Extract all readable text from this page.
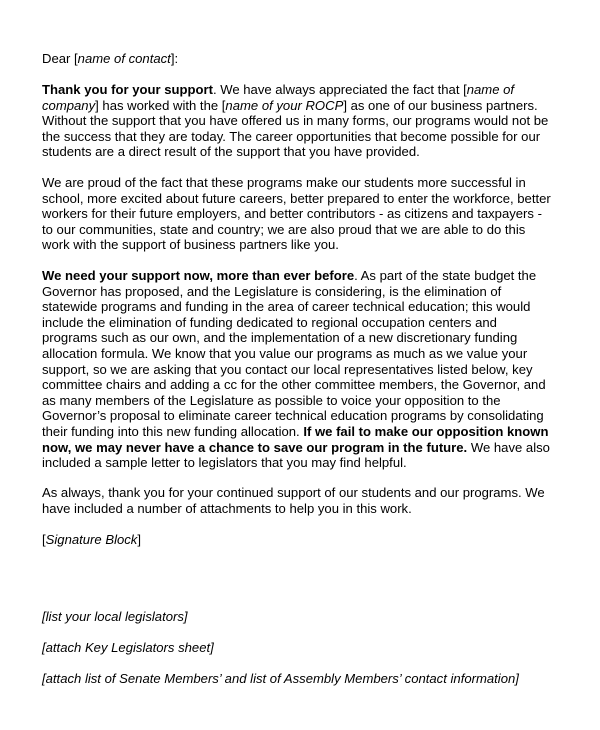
Dear [name of contact]:

Thank you for your support. We have always appreciated the fact that [name of
company] has worked with the [name of your ROCP] as one of our business partners.
Without the support that you have offered us in many forms, our programs would not be
the success that they are today. The career opportunities that become possible for our
students are a direct result of the support that you have provided.

We are proud of the fact that these programs make our students more successful in
school, more excited about future careers, better prepared to enter the workforce, better
workers for their future employers, and better contributors - as citizens and taxpayers -
to our communities, state and country; we are also proud that we are able to do this
work with the support of business partners like you.

We need your support now, more than ever before. As part of the state budget the
Governor has proposed, and the Legislature is considering, is the elimination of
statewide programs and funding in the area of career technical education; this would
include the elimination of funding dedicated to regional occupation centers and
programs such as our own, and the implementation of a new discretionary funding
allocation formula. We know that you value our programs as much as we value your
support, so we are asking that you contact our local representatives listed below, key
committee chairs and adding a cc for the other committee members, the Governor, and
as many members of the Legislature as possible to voice your opposition to the
Governor’s proposal to eliminate career technical education programs by consolidating
their funding into this new funding allocation. If we fail to make our opposition known
now, we may never have a chance to save our program in the future. We have also
included a sample letter to legislators that you may find helpful.

As always, thank you for your continued support of our students and our programs. We
have included a number of attachments to help you in this work.

[Signature Block]

[list your local legislators]

[attach Key Legislators sheet]

[attach list of Senate Members’ and list of Assembly Members’ contact information]
